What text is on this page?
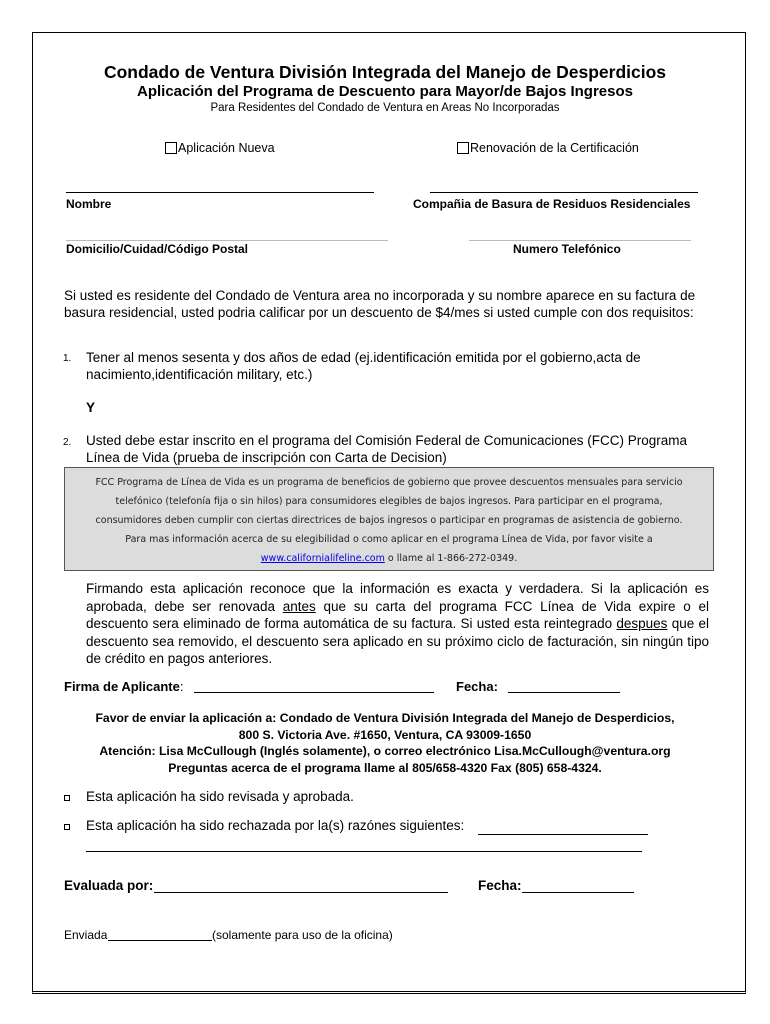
Condado de Ventura División Integrada del Manejo de Desperdicios
Aplicación del Programa de Descuento para Mayor/de Bajos Ingresos
Para Residentes del Condado de Ventura en Areas No Incorporadas
Aplicación Nueva	Renovación de la Certificación
Nombre	Compañia de Basura de Residuos Residenciales
Domicilio/Cuidad/Código Postal	Numero Telefónico
Si usted es residente del Condado de Ventura area no incorporada y su nombre aparece en su factura de basura residencial, usted podria calificar por un descuento de $4/mes si usted cumple con dos requisitos:
1. Tener al menos sesenta y dos años de edad (ej.identificación emitida por el gobierno,acta de
nacimiento,identificación military, etc.)
Y
2. Usted debe estar inscrito en el programa del Comisión Federal de Comunicaciones (FCC) Programa
Línea de Vida (prueba de inscripción con Carta de Decision)
FCC Programa de Línea de Vida es un programa de beneficios de gobierno que provee descuentos mensuales para servicio
telefónico (telefonía fija o sin hilos) para consumidores elegibles de bajos ingresos. Para participar en el programa,
consumidores deben cumplir con ciertas directrices de bajos ingresos o participar en programas de asistencia de gobierno.
Para mas información acerca de su elegibilidad o como aplicar en el programa Línea de Vida, por favor visite a
www.californialifeline.com o llame al 1-866-272-0349.
Firmando esta aplicación reconoce que la información es exacta y verdadera. Si la aplicación es aprobada, debe ser renovada antes que su carta del programa FCC Línea de Vida expire o el descuento sera eliminado de forma automática de su factura. Si usted esta reintegrado despues que el descuento sea removido, el descuento sera aplicado en su próximo ciclo de facturación, sin ningún tipo de crédito en pagos anteriores.
Firma de Aplicante:	Fecha:
Favor de enviar la aplicación a: Condado de Ventura División Integrada del Manejo de Desperdicios,
800 S. Victoria Ave. #1650, Ventura, CA 93009-1650
Atención: Lisa McCullough (Inglés solamente), o correo electrónico Lisa.McCullough@ventura.org
Preguntas acerca de el programa llame al 805/658-4320 Fax (805) 658-4324.
Esta aplicación ha sido revisada y aprobada.
Esta aplicación ha sido rechazada por la(s) razónes siguientes:
Evaluada por:	Fecha:
Enviada	(solamente para uso de la oficina)
